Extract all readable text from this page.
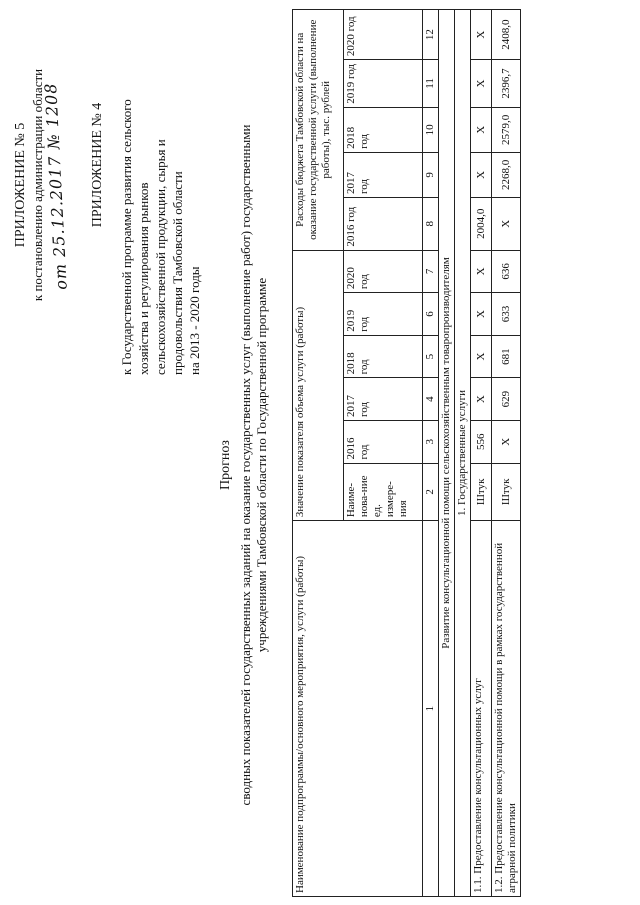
ПРИЛОЖЕНИЕ № 5 к постановлению администрации области
от 25.12.2017 № 1208 ПРИЛОЖЕНИЕ № 4 к Государственной программе развития сельского хозяйства и регулирования рынков сельскохозяйственной продукции, сырья и продовольствия Тамбовской области на 2013 - 2020 годы
Прогноз сводных показателей государственных заданий на оказание государственных услуг (выполнение работ) государственными учреждениями Тамбовской области по Государственной программе
Наименование подпрограммы/основного мероприятия, услуги (работы)	Значение показателя объема услуги (работы)						Расходы бюджета Тамбовской области на оказание государственной услуги (выполнение работы), тыс. рублей				
	Наиме-нова-ние ед. измере-ния	2016 год	2017 год	2018 год	2019 год	2020 год	2016 год	2017 год	2018 год	2019 год	2020 год
1	2	3	4	5	6	7	8	9	10	11	12
Развитие консультационной помощи сельскохозяйственным товаропроизводителям											
1. Государственные услуги											
1.1. Предоставление консультационных услуг	Штук	556	X	X	X	X	2004,0	X	X	X	X
1.2. Предоставление консультационной помощи в рамках государственной аграрной политики	Штук	X	629	681	633	636	X	2268,0	2579,0	2396,7	2408,0
